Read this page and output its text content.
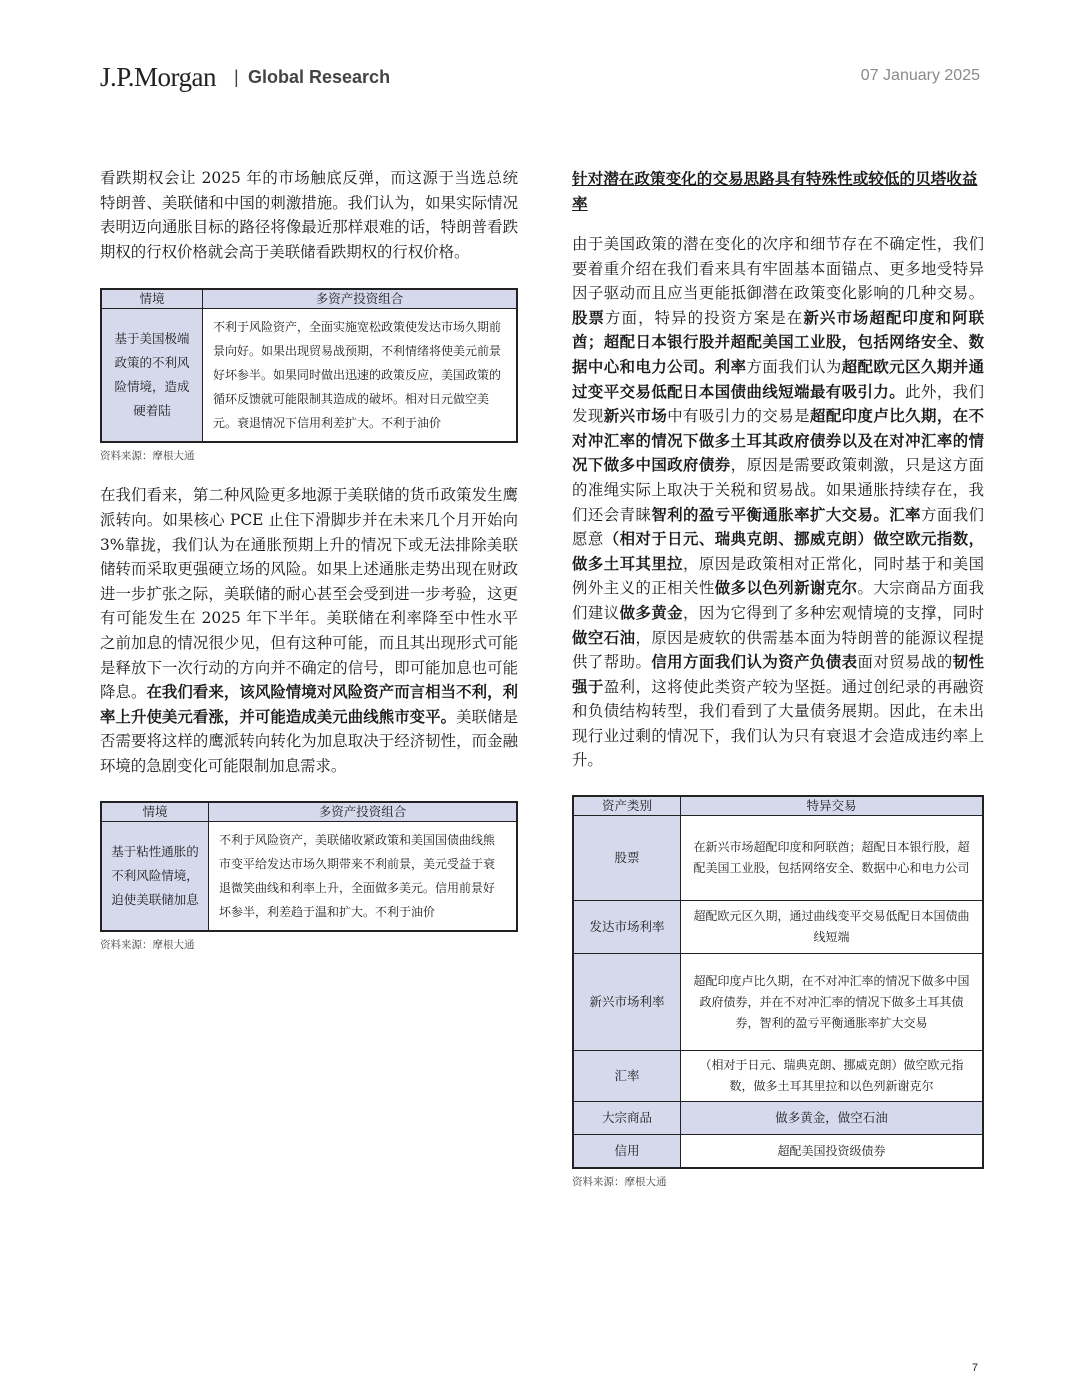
J.P.Morgan | Global Research	07 January 2025

看跌期权会让 2025 年的市场触底反弹，而这源于当选总统特朗普、美联储和中国的刺激措施。我们认为，如果实际情况表明迈向通胀目标的路径将像最近那样艰难的话，特朗普看跌期权的行权价格就会高于美联储看跌期权的行权价格。

情境	多资产投资组合
基于美国极端政策的不利风险情境，造成硬着陆	不利于风险资产，全面实施宽松政策使发达市场久期前景向好。如果出现贸易战预期，不利情绪将使美元前景好坏参半。如果同时做出迅速的政策反应，美国政策的循环反馈就可能限制其造成的破坏。相对日元做空美元。衰退情况下信用利差扩大。不利于油价

资料来源：摩根大通

在我们看来，第二种风险更多地源于美联储的货币政策发生鹰派转向。如果核心 PCE 止住下滑脚步并在未来几个月开始向 3%靠拢，我们认为在通胀预期上升的情况下或无法排除美联储转而采取更强硬立场的风险。如果上述通胀走势出现在财政进一步扩张之际，美联储的耐心甚至会受到进一步考验，这更有可能发生在 2025 年下半年。美联储在利率降至中性水平之前加息的情况很少见，但有这种可能，而且其出现形式可能是释放下一次行动的方向并不确定的信号，即可能加息也可能降息。在我们看来，该风险情境对风险资产而言相当不利，利率上升使美元看涨，并可能造成美元曲线熊市变平。美联储是否需要将这样的鹰派转向转化为加息取决于经济韧性，而金融环境的急剧变化可能限制加息需求。

情境	多资产投资组合
基于粘性通胀的不利风险情境，迫使美联储加息	不利于风险资产，美联储收紧政策和美国国债曲线熊市变平给发达市场久期带来不利前景，美元受益于衰退微笑曲线和利率上升，全面做多美元。信用前景好坏参半，利差趋于温和扩大。不利于油价

资料来源：摩根大通

针对潜在政策变化的交易思路具有特殊性或较低的贝塔收益率

由于美国政策的潜在变化的次序和细节存在不确定性，我们要着重介绍在我们看来具有牢固基本面锚点、更多地受特异因子驱动而且应当更能抵御潜在政策变化影响的几种交易。股票方面，特异的投资方案是在新兴市场超配印度和阿联酋；超配日本银行股并超配美国工业股，包括网络安全、数据中心和电力公司。利率方面我们认为超配欧元区久期并通过变平交易低配日本国债曲线短端最有吸引力。此外，我们发现新兴市场中有吸引力的交易是超配印度卢比久期，在不对冲汇率的情况下做多土耳其政府债券以及在对冲汇率的情况下做多中国政府债券，原因是需要政策刺激，只是这方面的准绳实际上取决于关税和贸易战。如果通胀持续存在，我们还会青睐智利的盈亏平衡通胀率扩大交易。汇率方面我们愿意（相对于日元、瑞典克朗、挪威克朗）做空欧元指数，做多土耳其里拉，原因是政策相对正常化，同时基于和美国例外主义的正相关性做多以色列新谢克尔。大宗商品方面我们建议做多黄金，因为它得到了多种宏观情境的支撑，同时做空石油，原因是疲软的供需基本面为特朗普的能源议程提供了帮助。信用方面我们认为资产负债表面对贸易战的韧性强于盈利，这将使此类资产较为坚挺。通过创纪录的再融资和负债结构转型，我们看到了大量债务展期。因此，在未出现行业过剩的情况下，我们认为只有衰退才会造成违约率上升。

资产类别	特异交易
股票	在新兴市场超配印度和阿联酋；超配日本银行股，超配美国工业股，包括网络安全、数据中心和电力公司
发达市场利率	超配欧元区久期，通过曲线变平交易低配日本国债曲线短端
新兴市场利率	超配印度卢比久期，在不对冲汇率的情况下做多中国政府债券，并在不对冲汇率的情况下做多土耳其债券，智利的盈亏平衡通胀率扩大交易
汇率	（相对于日元、瑞典克朗、挪威克朗）做空欧元指数，做多土耳其里拉和以色列新谢克尔
大宗商品	做多黄金，做空石油
信用	超配美国投资级债券

资料来源：摩根大通

7
